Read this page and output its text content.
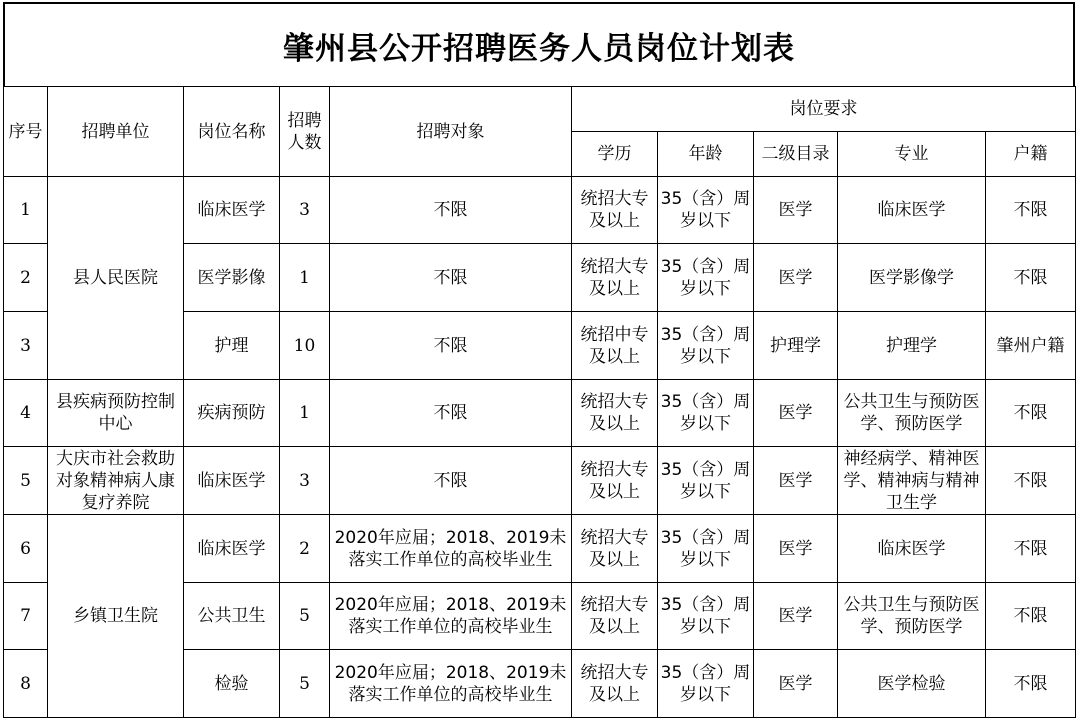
肇州县公开招聘医务人员岗位计划表
序号	招聘单位	岗位名称	招聘人数	招聘对象	岗位要求				
					学历	年龄	二级目录	专业	户籍
1	县人民医院	临床医学	3	不限	统招大专及以上	35（含）周岁以下	医学	临床医学	不限
2		医学影像	1	不限	统招大专及以上	35（含）周岁以下	医学	医学影像学	不限
3		护理	10	不限	统招中专及以上	35（含）周岁以下	护理学	护理学	肇州户籍
4	县疾病预防控制中心	疾病预防	1	不限	统招大专及以上	35（含）周岁以下	医学	公共卫生与预防医学、预防医学	不限
5	大庆市社会救助对象精神病人康复疗养院	临床医学	3	不限	统招大专及以上	35（含）周岁以下	医学	神经病学、精神医学、精神病与精神卫生学	不限
6	乡镇卫生院	临床医学	2	2020年应届；2018、2019未落实工作单位的高校毕业生	统招大专及以上	35（含）周岁以下	医学	临床医学	不限
7		公共卫生	5	2020年应届；2018、2019未落实工作单位的高校毕业生	统招大专及以上	35（含）周岁以下	医学	公共卫生与预防医学、预防医学	不限
8		检验	5	2020年应届；2018、2019未落实工作单位的高校毕业生	统招大专及以上	35（含）周岁以下	医学	医学检验	不限
